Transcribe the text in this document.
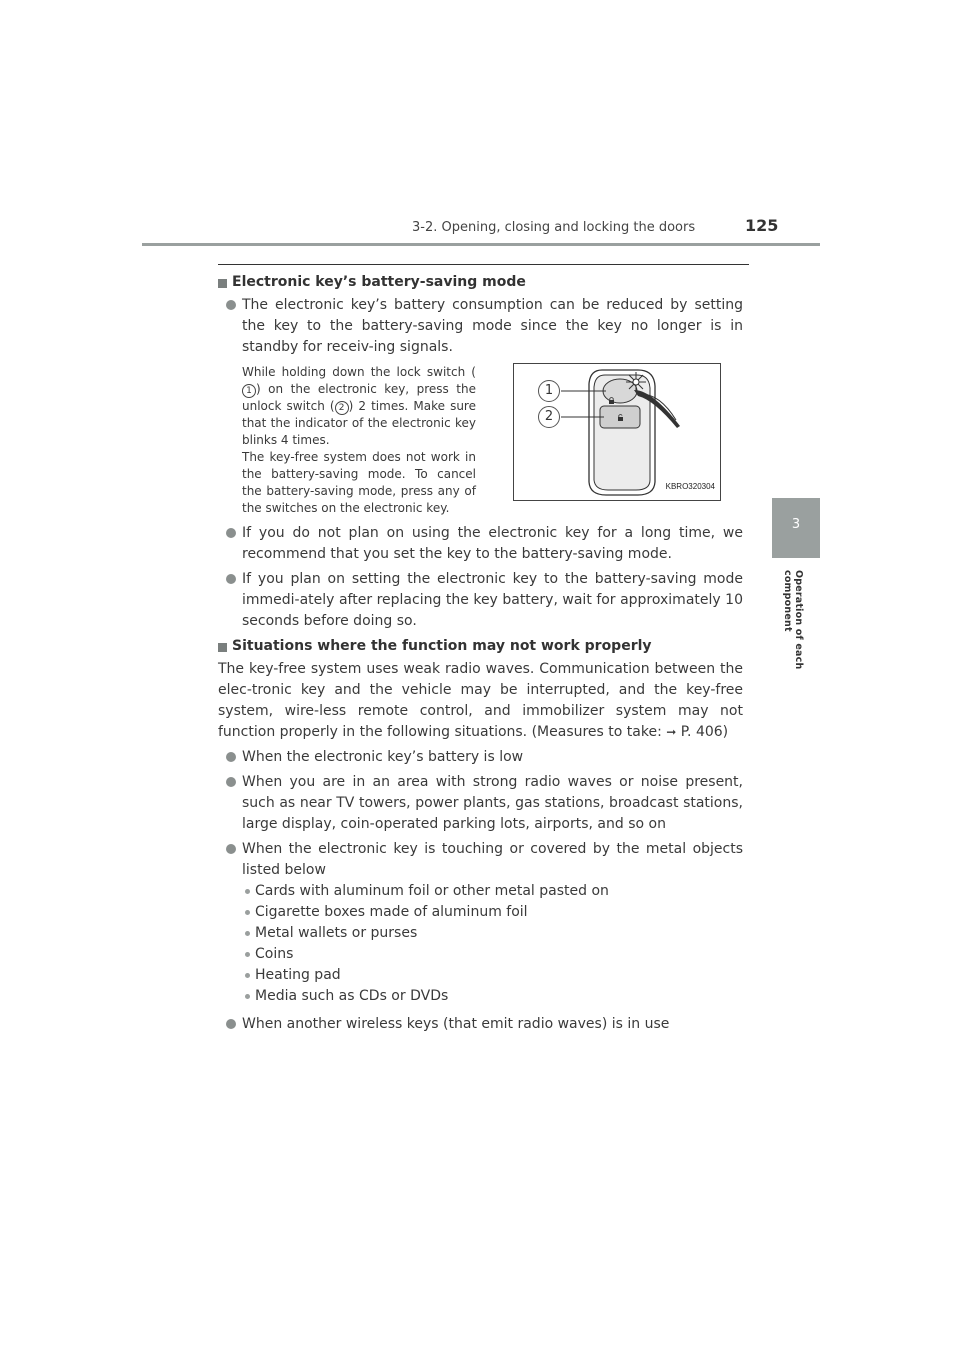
3-2. Opening, closing and locking the doors	125
3
Operation of each component
Electronic key’s battery-saving mode
The electronic key’s battery consumption can be reduced by setting the key to the battery-saving mode since the key no longer is in standby for receiv-ing signals.
While holding down the lock switch (1 ) on the electronic key, press the unlock switch ( 2 ) 2 times. Make sure that the indicator of the electronic key blinks 4 times.
The key-free system does not work in the battery-saving mode. To cancel the battery-saving mode, press any of the switches on the electronic key.
1
2
KBRO320304
If you do not plan on using the electronic key for a long time, we recommend that you set the key to the battery-saving mode.
If you plan on setting the electronic key to the battery-saving mode immedi-ately after replacing the key battery, wait for approximately 10 seconds before doing so.
Situations where the function may not work properly
The key-free system uses weak radio waves. Communication between the elec-tronic key and the vehicle may be interrupted, and the key-free system, wire-less remote control, and immobilizer system may not function properly in the following situations. (Measures to take: ➞ P. 406)
When the electronic key’s battery is low
When you are in an area with strong radio waves or noise present, such as near TV towers, power plants, gas stations, broadcast stations, large display, coin-operated parking lots, airports, and so on
When the electronic key is touching or covered by the metal objects listed below
Cards with aluminum foil or other metal pasted on
Cigarette boxes made of aluminum foil
Metal wallets or purses
Coins
Heating pad
Media such as CDs or DVDs
When another wireless keys (that emit radio waves) is in use
